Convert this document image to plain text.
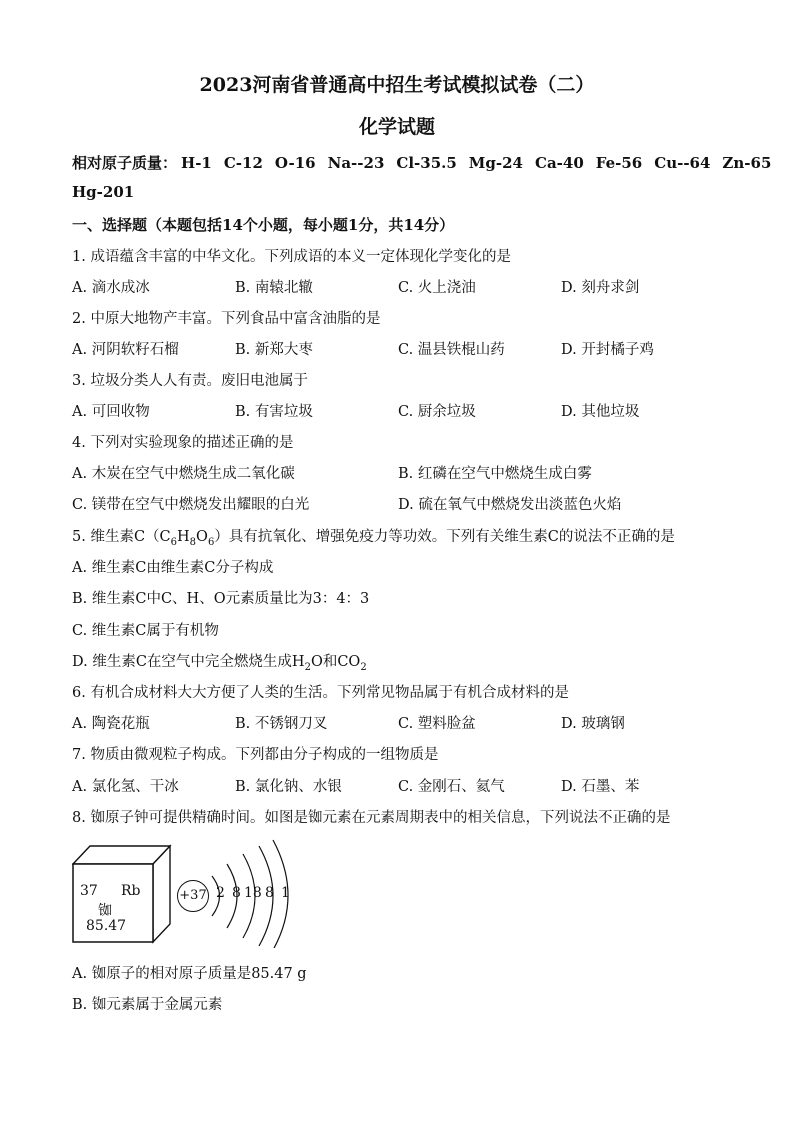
2023河南省普通高中招生考试模拟试卷（二）
化学试题
相对原子质量： H-1 C-12 O-16 Na--23 Cl-35.5 Mg-24 Ca-40 Fe-56 Cu--64 Zn-65
Hg-201
一、选择题（本题包括14个小题，每小题1分，共14分）
1. 成语蕴含丰富的中华文化。下列成语的本义一定体现化学变化的是
A. 滴水成冰	B. 南辕北辙	C. 火上浇油	D. 刻舟求剑
2. 中原大地物产丰富。下列食品中富含油脂的是
A. 河阴软籽石榴	B. 新郑大枣	C. 温县铁棍山药	D. 开封橘子鸡
3. 垃圾分类人人有责。废旧电池属于
A. 可回收物	B. 有害垃圾	C. 厨余垃圾	D. 其他垃圾
4. 下列对实验现象的描述正确的是
A. 木炭在空气中燃烧生成二氧化碳	B. 红磷在空气中燃烧生成白雾
C. 镁带在空气中燃烧发出耀眼的白光	D. 硫在氧气中燃烧发出淡蓝色火焰
5. 维生素$C(C_6H_8O_6)$具有抗氧化、增强免疫力等功效。下列有关维生素C的说法不正确的是
A. 维生素C由维生素C分子构成
B. 维生素C中C、H、O元素质量比为3：4：3
C. 维生素C属于有机物
D. 维生素C在空气中完全燃烧生成$H_2O$和$CO_2$
6. 有机合成材料大大方便了人类的生活。下列常见物品属于有机合成材料的是
A. 陶瓷花瓶	B. 不锈钢刀叉	C. 塑料脸盆	D. 玻璃钢
7. 物质由微观粒子构成。下列都由分子构成的一组物质是
A. 氯化氢、干冰	B. 氯化钠、水银	C. 金刚石、氦气	D. 石墨、苯
8. 铷原子钟可提供精确时间。如图是铷元素在元素周期表中的相关信息，下列说法不正确的是
37 Rb
铷
85.47
+37 2 8 18 8 1
A. 铷原子的相对原子质量是85.47 g
B. 铷元素属于金属元素
